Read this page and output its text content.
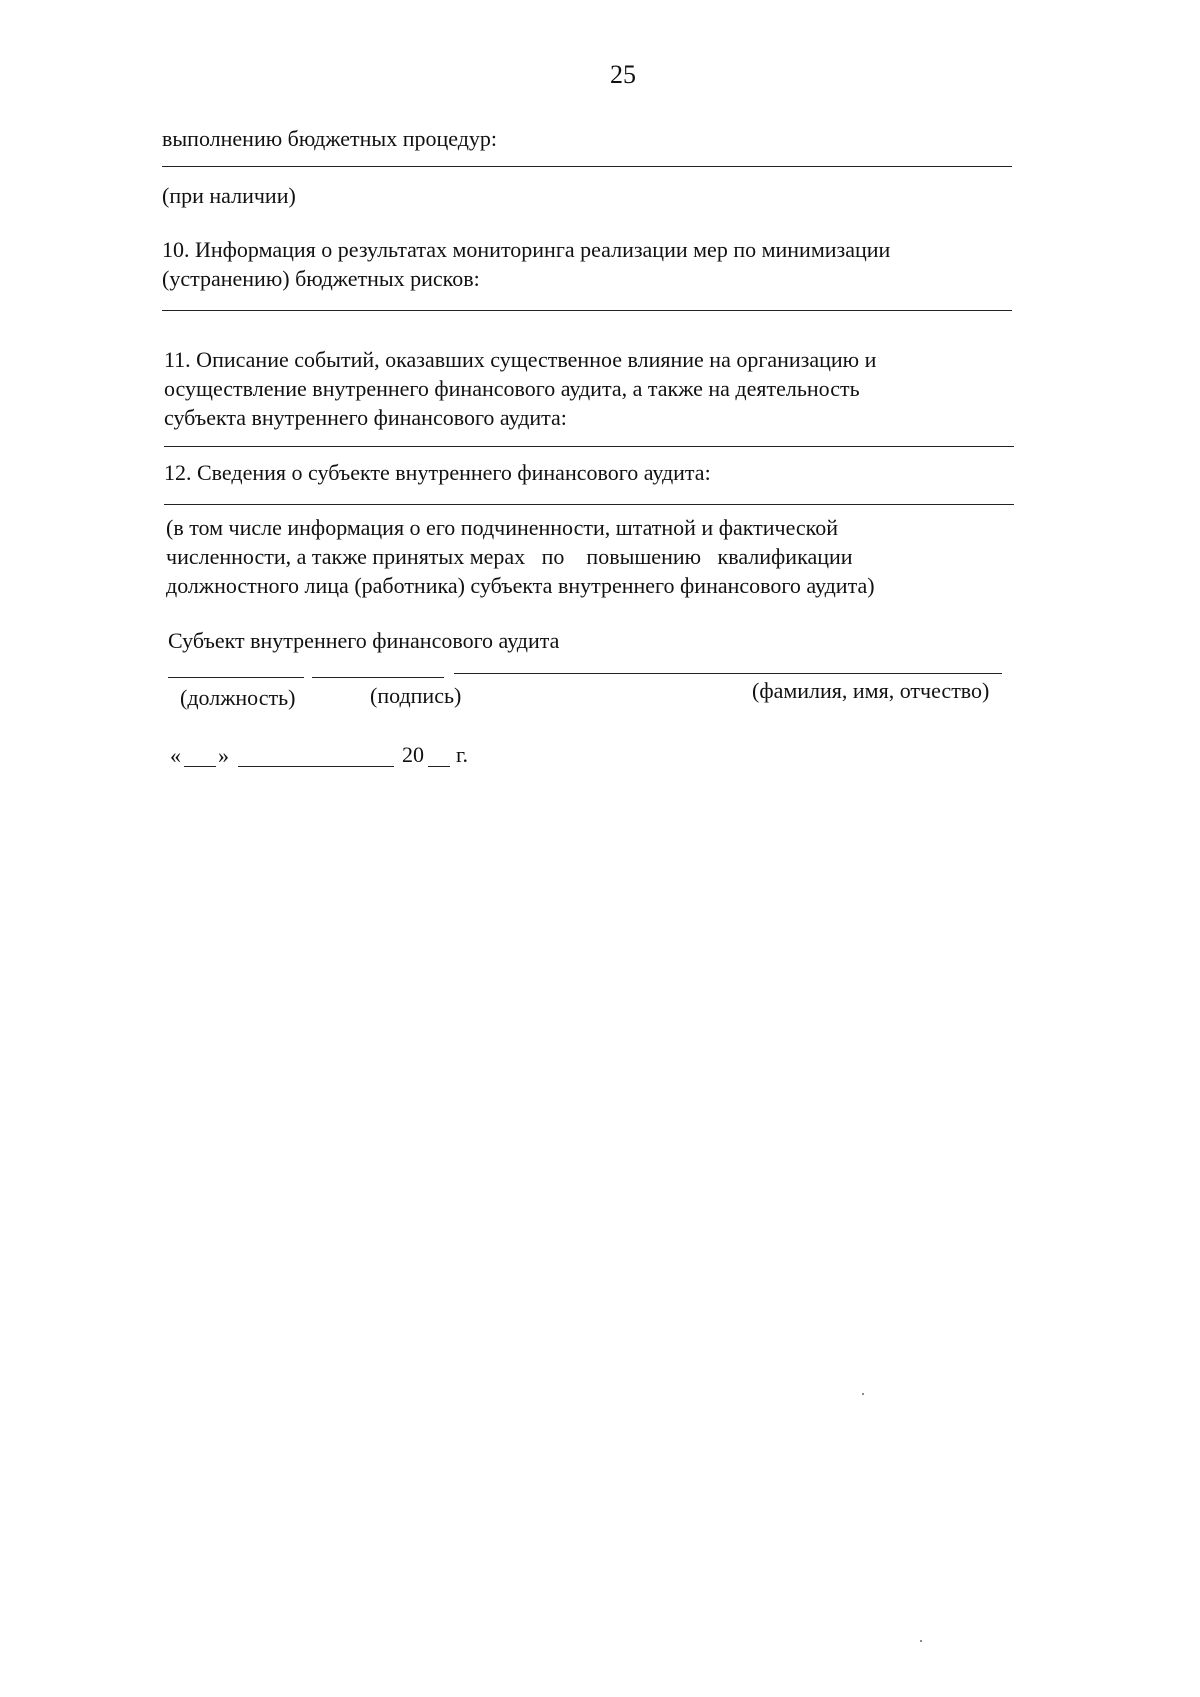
25
выполнению бюджетных процедур:
(при наличии)
10. Информация о результатах мониторинга реализации мер по минимизации
(устранению) бюджетных рисков:
11. Описание событий, оказавших существенное влияние на организацию и
осуществление внутреннего финансового аудита, а также на деятельность
субъекта внутреннего финансового аудита:
12. Сведения о субъекте внутреннего финансового аудита:
(в том числе информация о его подчиненности, штатной и фактической
численности, а также принятых мерах   по    повышению   квалификации
должностного лица (работника) субъекта внутреннего финансового аудита)
Субъект внутреннего финансового аудита
(должность)	(подпись)	(фамилия, имя, отчество)
« »	20 г.
